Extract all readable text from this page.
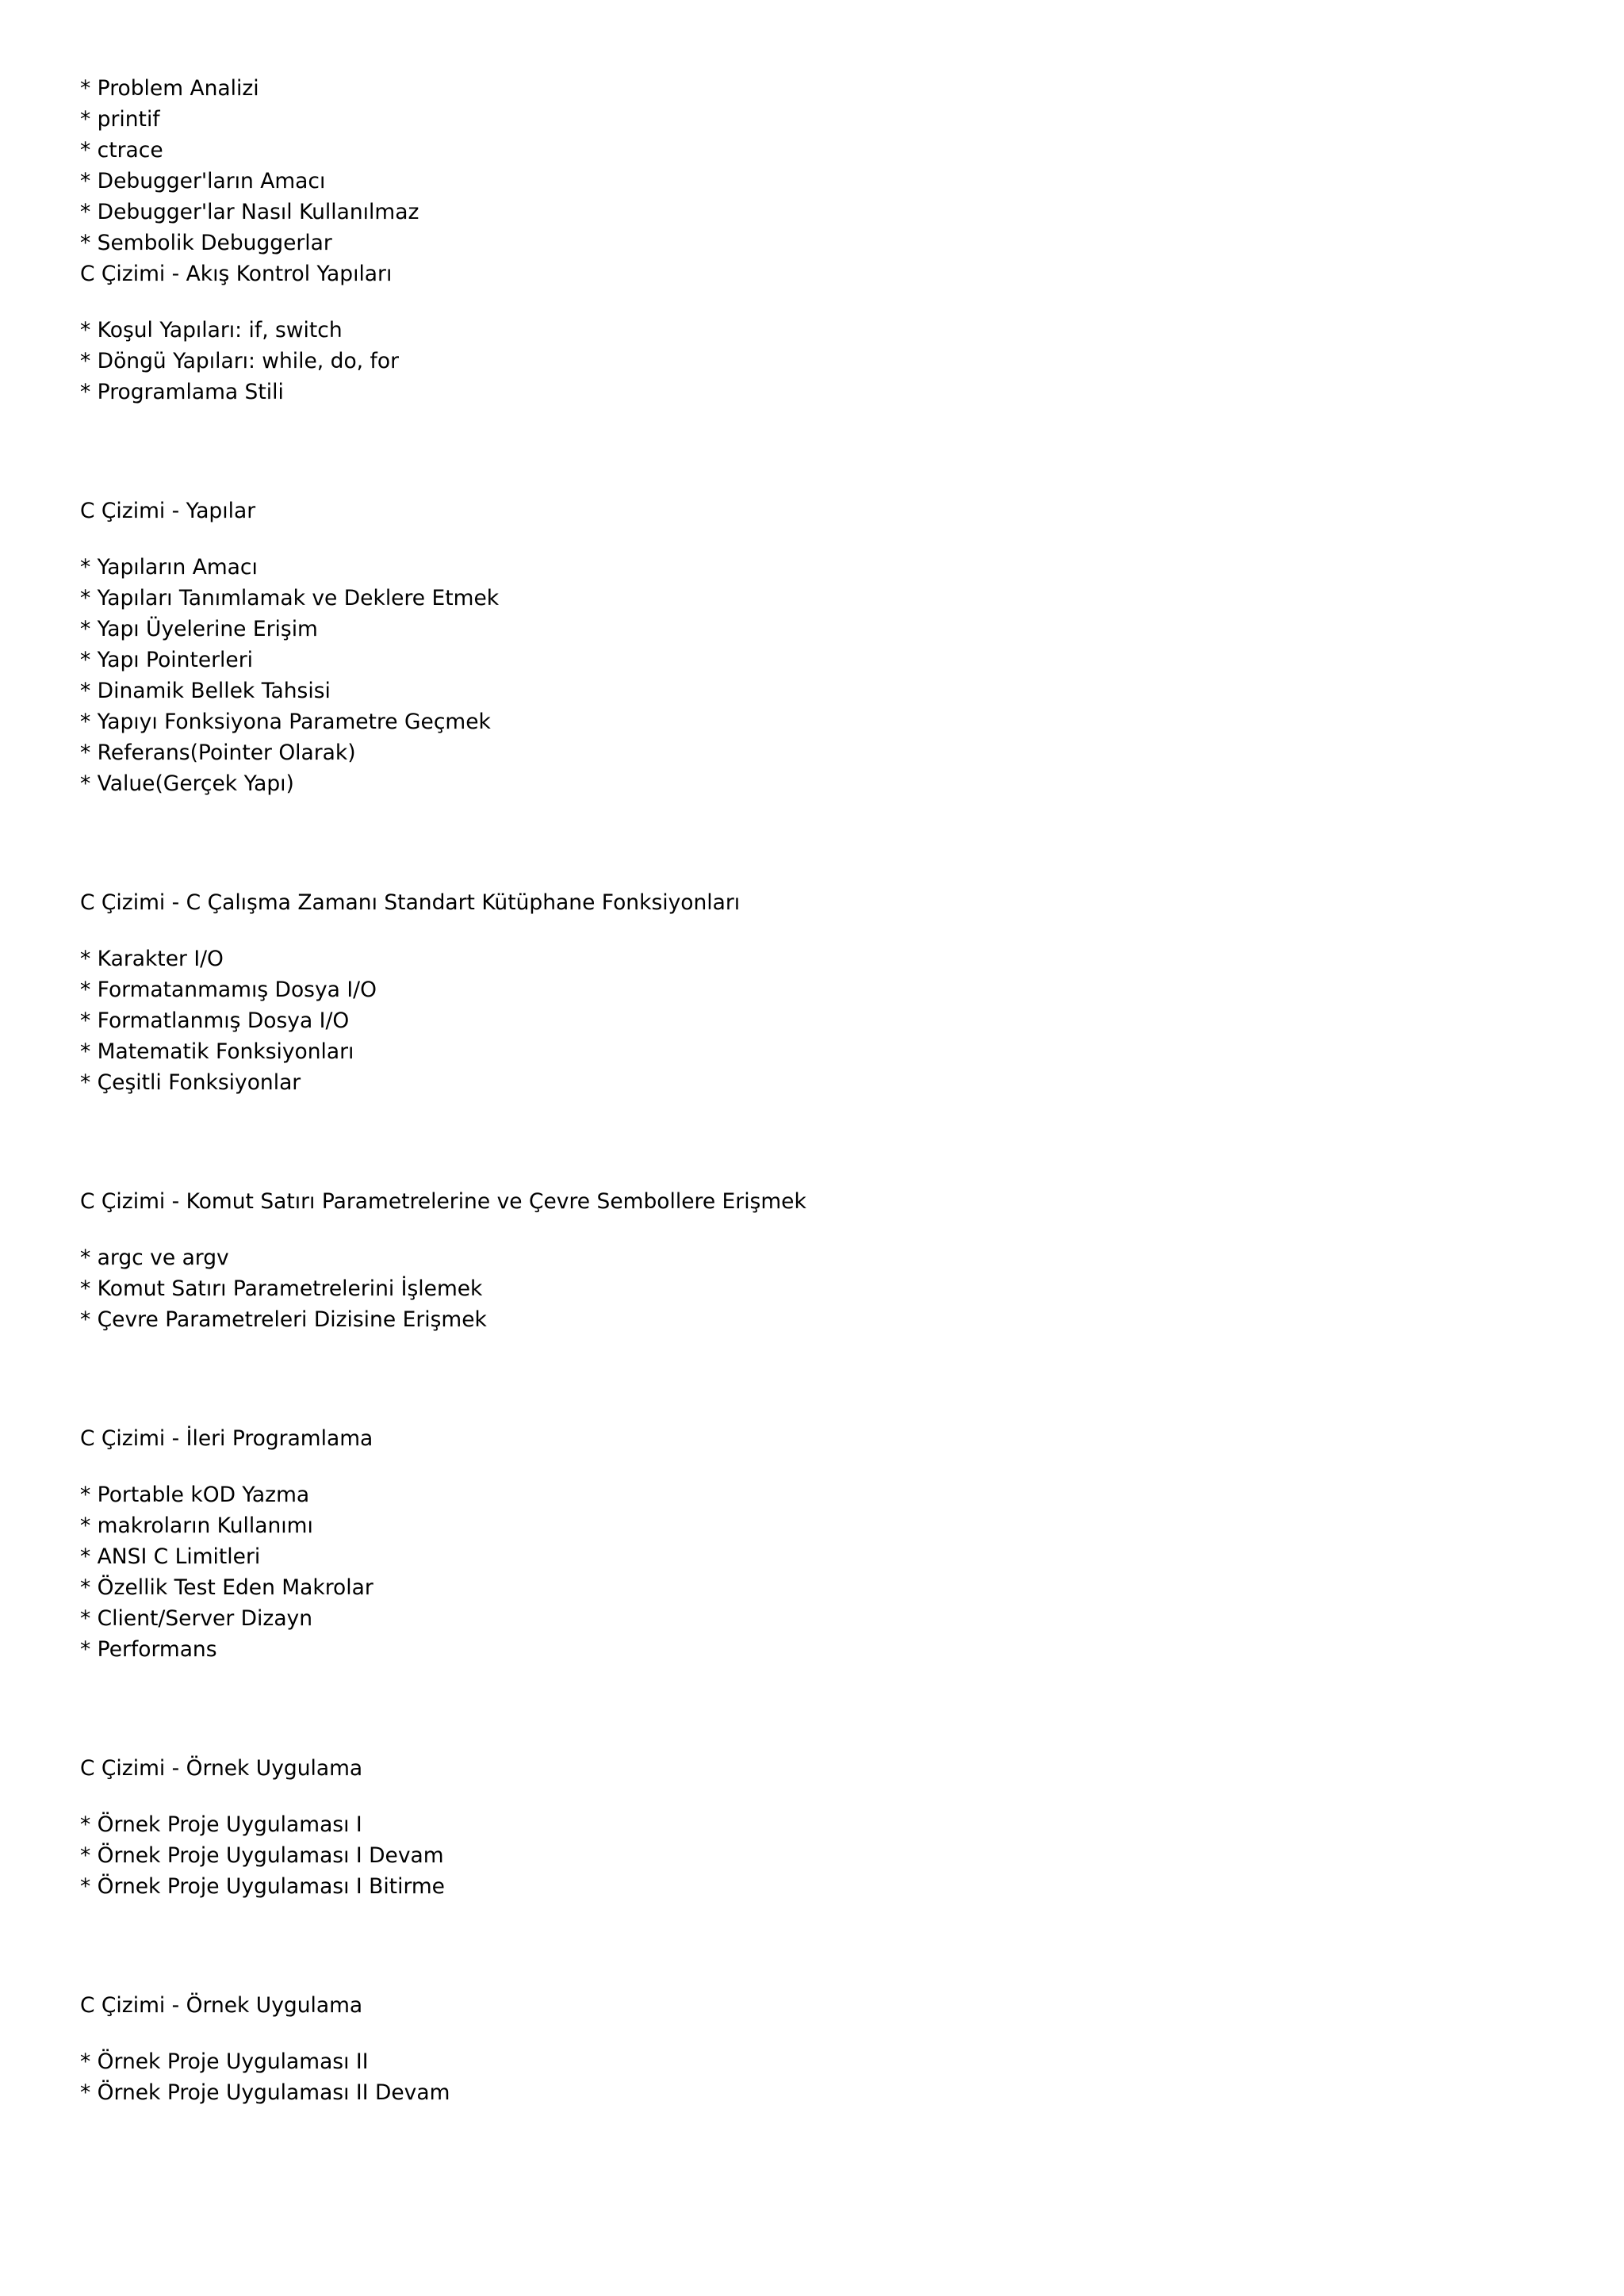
* Problem Analizi
* printif
* ctrace
* Debugger'ların Amacı
* Debugger'lar Nasıl Kullanılmaz
* Sembolik Debuggerlar
C Çizimi - Akış Kontrol Yapıları
* Koşul Yapıları: if, switch
* Döngü Yapıları: while, do, for
* Programlama Stili
C Çizimi - Yapılar
* Yapıların Amacı
* Yapıları Tanımlamak ve Deklere Etmek
* Yapı Üyelerine Erişim
* Yapı Pointerleri
* Dinamik Bellek Tahsisi
* Yapıyı Fonksiyona Parametre Geçmek
* Referans(Pointer Olarak)
* Value(Gerçek Yapı)
C Çizimi - C Çalışma Zamanı Standart Kütüphane Fonksiyonları
* Karakter I/O
* Formatanmamış Dosya I/O
* Formatlanmış Dosya I/O
* Matematik Fonksiyonları
* Çeşitli Fonksiyonlar
C Çizimi - Komut Satırı Parametrelerine ve Çevre Sembollere Erişmek
* argc ve argv
* Komut Satırı Parametrelerini İşlemek
* Çevre Parametreleri Dizisine Erişmek
C Çizimi - İleri Programlama
* Portable kOD Yazma
* makroların Kullanımı
* ANSI C Limitleri
* Özellik Test Eden Makrolar
* Client/Server Dizayn
* Performans
C Çizimi - Örnek Uygulama
* Örnek Proje Uygulaması I
* Örnek Proje Uygulaması I Devam
* Örnek Proje Uygulaması I Bitirme
C Çizimi - Örnek Uygulama
* Örnek Proje Uygulaması II
* Örnek Proje Uygulaması II Devam
